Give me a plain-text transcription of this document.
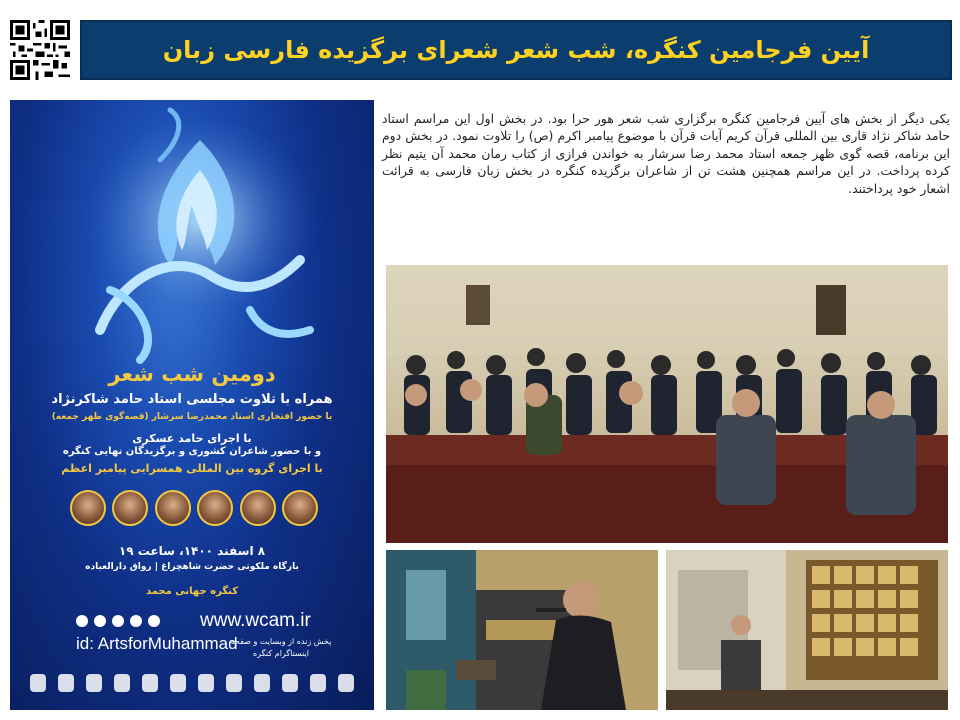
آیین فرجامین کنگره، شب شعر شعرای برگزیده فارسی زبان
دومین شب شعر
همراه با تلاوت مجلسی استاد حامد شاکرنژاد
با حضور افتخاری استاد محمدرضا سرشار (قصه‌گوی ظهر جمعه)
با اجرای حامد عسکری
و با حضور شاعران کشوری و برگزیدگان نهایی کنگره
با اجرای گروه بین المللی همسرایی پیامبر اعظم
۸ اسفند ۱۴۰۰، ساعت ۱۹
بارگاه ملکوتی حضرت شاهچراغ | رواق دارالعباده
کنگره جهانی محمد
www.wcam.ir
id: ArtsforMuhammad
پخش زنده از وبسایت و صفحه اینستاگرام کنگره

یکی دیگر از بخش های آیین فرجامین کنگره برگزاری شب شعر هور حرا بود. در بخش اول این مراسم استاد حامد شاکر نژاد قاری بین المللی قرآن کریم آیات قرآن با موضوع پیامبر اکرم (ص) را تلاوت نمود. در بخش دوم این برنامه، قصه گوی ظهر جمعه استاد محمد رضا سرشار به خواندن فرازی از کتاب رمان محمد آن یتیم نظر کرده پرداخت. در این مراسم همچنین هشت تن از شاعران برگزیده کنگره در بخش زبان فارسی به قرائت اشعار خود پرداختند.
